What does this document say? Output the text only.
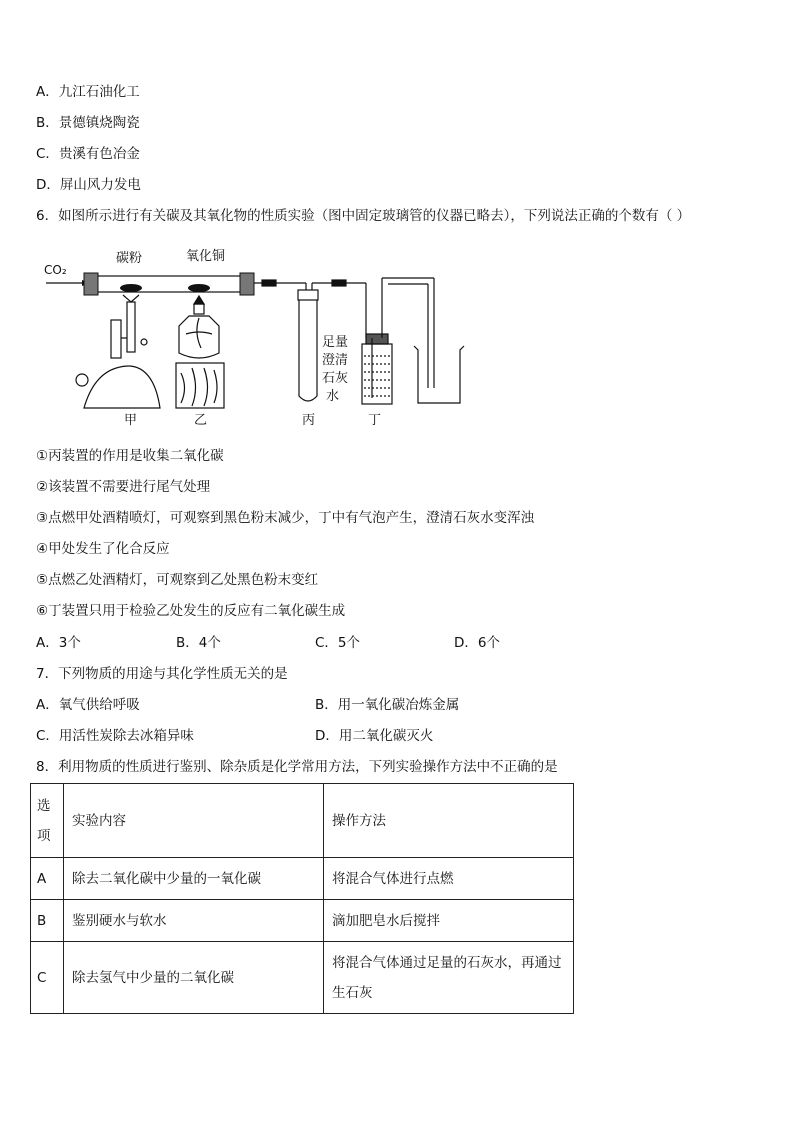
A．九江石油化工
B．景德镇烧陶瓷
C．贵溪有色冶金
D．屏山风力发电
6．如图所示进行有关碳及其氧化物的性质实验（图中固定玻璃管的仪器已略去），下列说法正确的个数有（ ）
CO₂
碳粉	氧化铜
甲	乙	丙
足量
澄清
石灰
水
丁
①丙装置的作用是收集二氧化碳
②该装置不需要进行尾气处理
③点燃甲处酒精喷灯，可观察到黑色粉末减少，丁中有气泡产生，澄清石灰水变浑浊
④甲处发生了化合反应
⑤点燃乙处酒精灯，可观察到乙处黑色粉末变红
⑥丁装置只用于检验乙处发生的反应有二氧化碳生成
A．3个	B．4个	C．5个	D．6个
7．下列物质的用途与其化学性质无关的是
A．氧气供给呼吸	B．用一氧化碳冶炼金属
C．用活性炭除去冰箱异味	D．用二氧化碳灭火
8．利用物质的性质进行鉴别、除杂质是化学常用方法，下列实验操作方法中不正确的是
选
项	实验内容	操作方法
A	除去二氧化碳中少量的一氧化碳	将混合气体进行点燃
B	鉴别硬水与软水	滴加肥皂水后搅拌
C	除去氢气中少量的二氧化碳	将混合气体通过足量的石灰水，再通过
生石灰
